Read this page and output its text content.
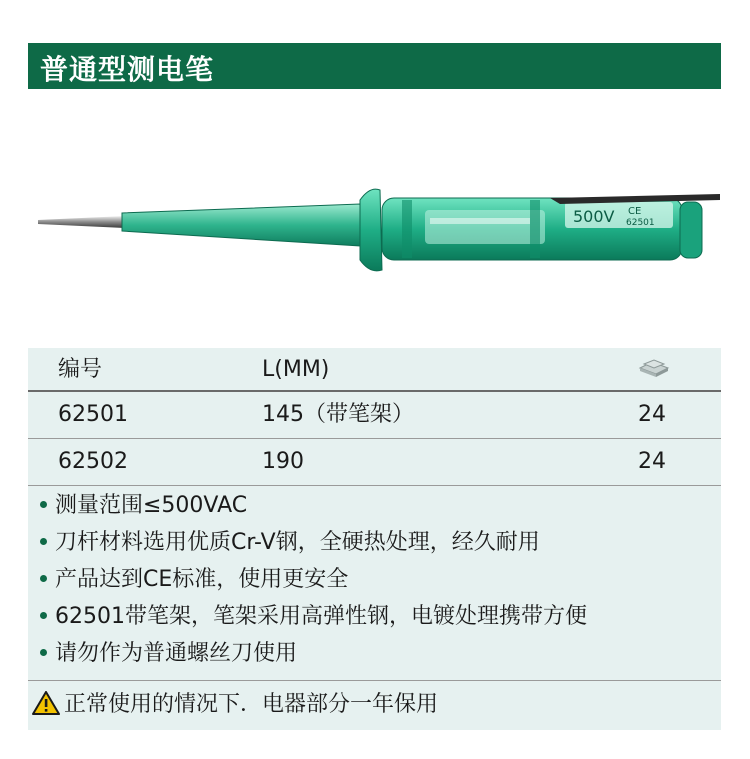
普通型测电笔
500V CE
62501
编号	L(MM)
62501	145（带笔架）	24
62502	190	24
测量范围≤500VAC
刀杆材料选用优质Cr-V钢，全硬热处理，经久耐用
产品达到CE标准，使用更安全
62501带笔架，笔架采用高弹性钢，电镀处理携带方便
请勿作为普通螺丝刀使用
正常使用的情况下．电器部分一年保用
